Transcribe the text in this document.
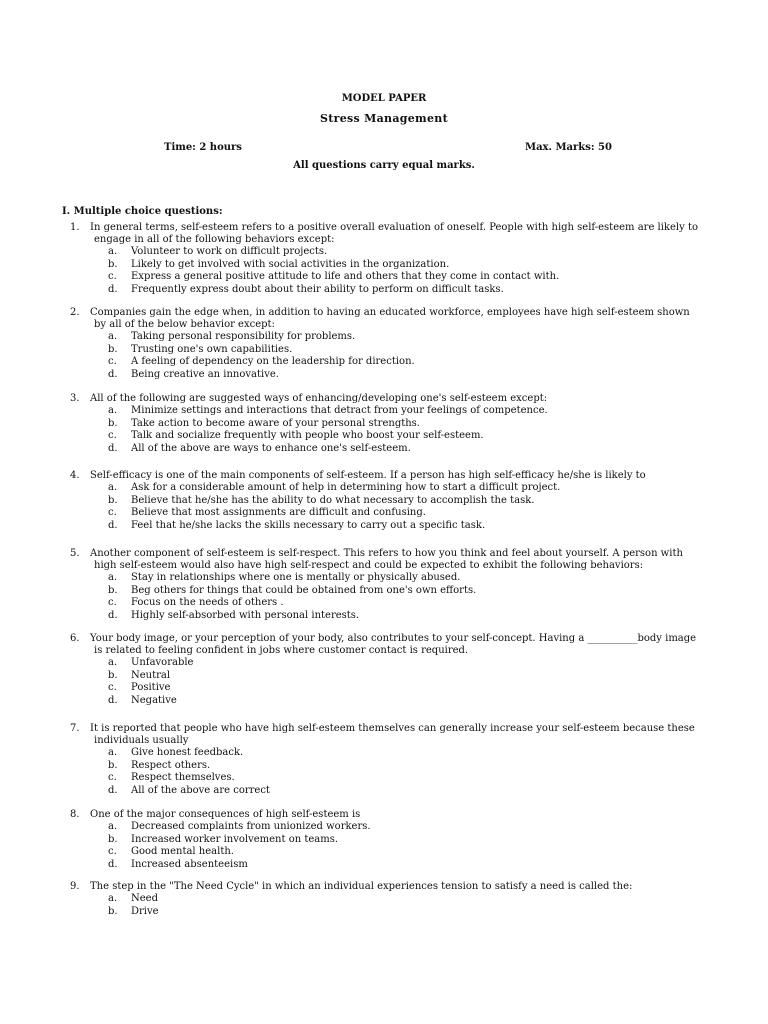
MODEL PAPER
Stress Management
Time: 2 hours	Max. Marks: 50
All questions carry equal marks.
I. Multiple choice questions:
1. In general terms, self-esteem refers to a positive overall evaluation of oneself. People with high self-esteem are likely to
engage in all of the following behaviors except:
a. Volunteer to work on difficult projects.
b. Likely to get involved with social activities in the organization.
c. Express a general positive attitude to life and others that they come in contact with.
d. Frequently express doubt about their ability to perform on difficult tasks.
2. Companies gain the edge when, in addition to having an educated workforce, employees have high self-esteem shown
by all of the below behavior except:
a. Taking personal responsibility for problems.
b. Trusting one's own capabilities.
c. A feeling of dependency on the leadership for direction.
d. Being creative an innovative.
3. All of the following are suggested ways of enhancing/developing one's self-esteem except:
a. Minimize settings and interactions that detract from your feelings of competence.
b. Take action to become aware of your personal strengths.
c. Talk and socialize frequently with people who boost your self-esteem.
d. All of the above are ways to enhance one's self-esteem.
4. Self-efficacy is one of the main components of self-esteem. If a person has high self-efficacy he/she is likely to
a. Ask for a considerable amount of help in determining how to start a difficult project.
b. Believe that he/she has the ability to do what necessary to accomplish the task.
c. Believe that most assignments are difficult and confusing.
d. Feel that he/she lacks the skills necessary to carry out a specific task.
5. Another component of self-esteem is self-respect. This refers to how you think and feel about yourself. A person with
high self-esteem would also have high self-respect and could be expected to exhibit the following behaviors:
a. Stay in relationships where one is mentally or physically abused.
b. Beg others for things that could be obtained from one's own efforts.
c. Focus on the needs of others .
d. Highly self-absorbed with personal interests.
6. Your body image, or your perception of your body, also contributes to your self-concept. Having a __________body image
is related to feeling confident in jobs where customer contact is required.
a. Unfavorable
b. Neutral
c. Positive
d. Negative
7. It is reported that people who have high self-esteem themselves can generally increase your self-esteem because these
individuals usually
a. Give honest feedback.
b. Respect others.
c. Respect themselves.
d. All of the above are correct
8. One of the major consequences of high self-esteem is
a. Decreased complaints from unionized workers.
b. Increased worker involvement on teams.
c. Good mental health.
d. Increased absenteeism
9. The step in the "The Need Cycle" in which an individual experiences tension to satisfy a need is called the:
a. Need
b. Drive
